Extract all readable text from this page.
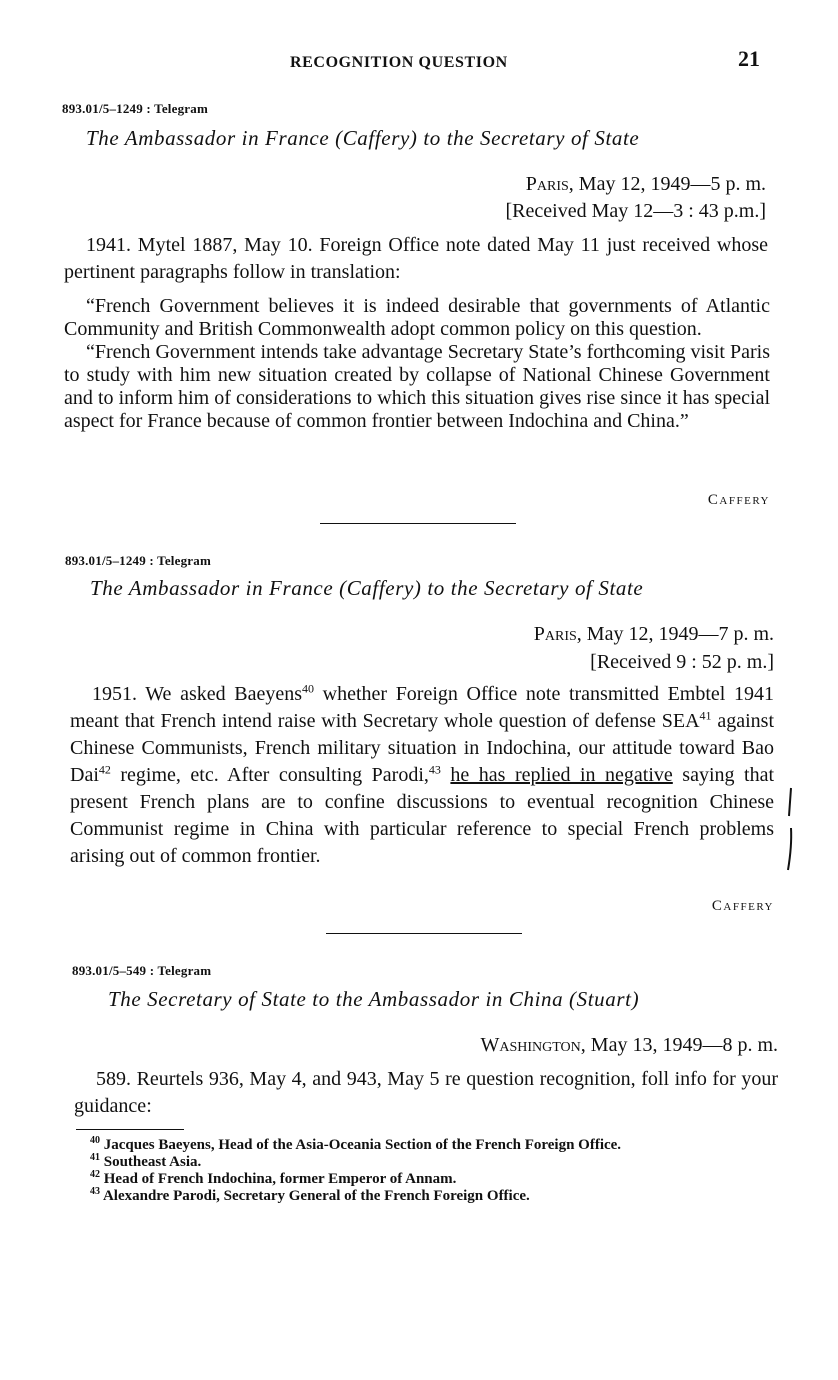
RECOGNITION QUESTION	21
893.01/5–1249 : Telegram
The Ambassador in France (Caffery) to the Secretary of State
Paris, May 12, 1949—5 p. m.
[Received May 12—3 : 43 p.m.]

1941. Mytel 1887, May 10. Foreign Office note dated May 11 just received whose pertinent paragraphs follow in translation:

“French Government believes it is indeed desirable that governments of Atlantic Community and British Commonwealth adopt common policy on this question.

“French Government intends take advantage Secretary State’s forthcoming visit Paris to study with him new situation created by collapse of National Chinese Government and to inform him of considerations to which this situation gives rise since it has special aspect for France because of common frontier between Indochina and China.”

Caffery
893.01/5–1249 : Telegram
The Ambassador in France (Caffery) to the Secretary of State
Paris, May 12, 1949—7 p. m.
[Received 9 : 52 p. m.]

1951. We asked Baeyens$^{40}$ whether Foreign Office note transmitted Embtel 1941 meant that French intend raise with Secretary whole question of defense SEA$^{41}$ against Chinese Communists, French military situation in Indochina, our attitude toward Bao Dai$^{42}$ regime, etc. After consulting Parodi,$^{43}$ he has replied in negative saying that present French plans are to confine discussions to eventual recognition Chinese Communist regime in China with particular reference to special French problems arising out of common frontier.

Caffery
893.01/5–549 : Telegram
The Secretary of State to the Ambassador in China (Stuart)
Washington, May 13, 1949—8 p. m.

589. Reurtels 936, May 4, and 943, May 5 re question recognition, foll info for your guidance:

$^{40}$ Jacques Baeyens, Head of the Asia-Oceania Section of the French Foreign Office.

$^{41}$ Southeast Asia.

$^{42}$ Head of French Indochina, former Emperor of Annam.

$^{43}$ Alexandre Parodi, Secretary General of the French Foreign Office.
